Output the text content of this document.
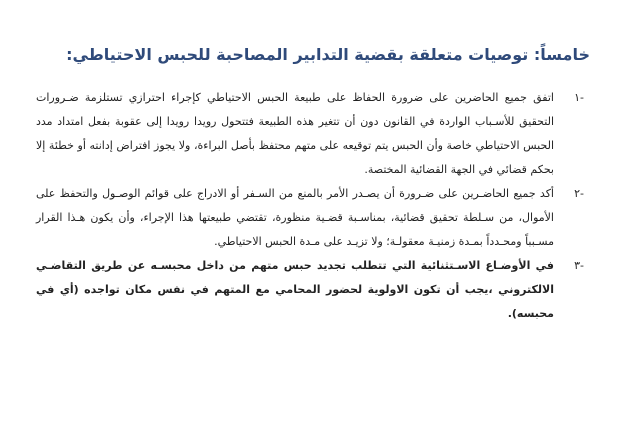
خامساً: توصيات متعلقة بقضية التدابير المصاحبة للحبس الاحتياطي:
١-
اتفق جميع الحاضرين على ضرورة الحفاظ على طبيعة الحبس الاحتياطي كإجراء احترازي تستلزمة ضـرورات التحقيق للأسـباب الواردة في القانون دون أن تتغير هذه الطبيعة فتتحول رويدا رويدا إلى عقوبة بفعل امتداد مدد الحبس الاحتياطي خاصة وأن الحبس يتم توقيعه على متهم محتفظ بأصل البراءة، ولا يجوز افتراض إدانته أو خطئة إلا بحكم قضائي في الجهة القضائية المختصة.
٢-
أكد جميع الحاضـرين على ضـرورة أن يصـدر الأمر بالمنع من السـفر أو الادراج على قوائم الوصـول والتحفظ على الأموال، من سـلطة تحقيق قضائية، بمناسـبة قضـية منظورة، تقتضي طبيعتها هذا الإجراء، وأن يكون هـذا القرار مسـبباً ومحـدداً بمـدة زمنيـة معقولـة؛ ولا تزيـد على مـدة الحبس الاحتياطي.
٣-
في الأوضـاع الاسـتثنائية التي تتطلب تجديد حبس متهم من داخل محبسـه عن طريق التقاضـي الالكتروني ،يجب أن تكون الاولوية لحضور المحامي مع المتهم في نفس مكان تواجده (أي في محبسه).
